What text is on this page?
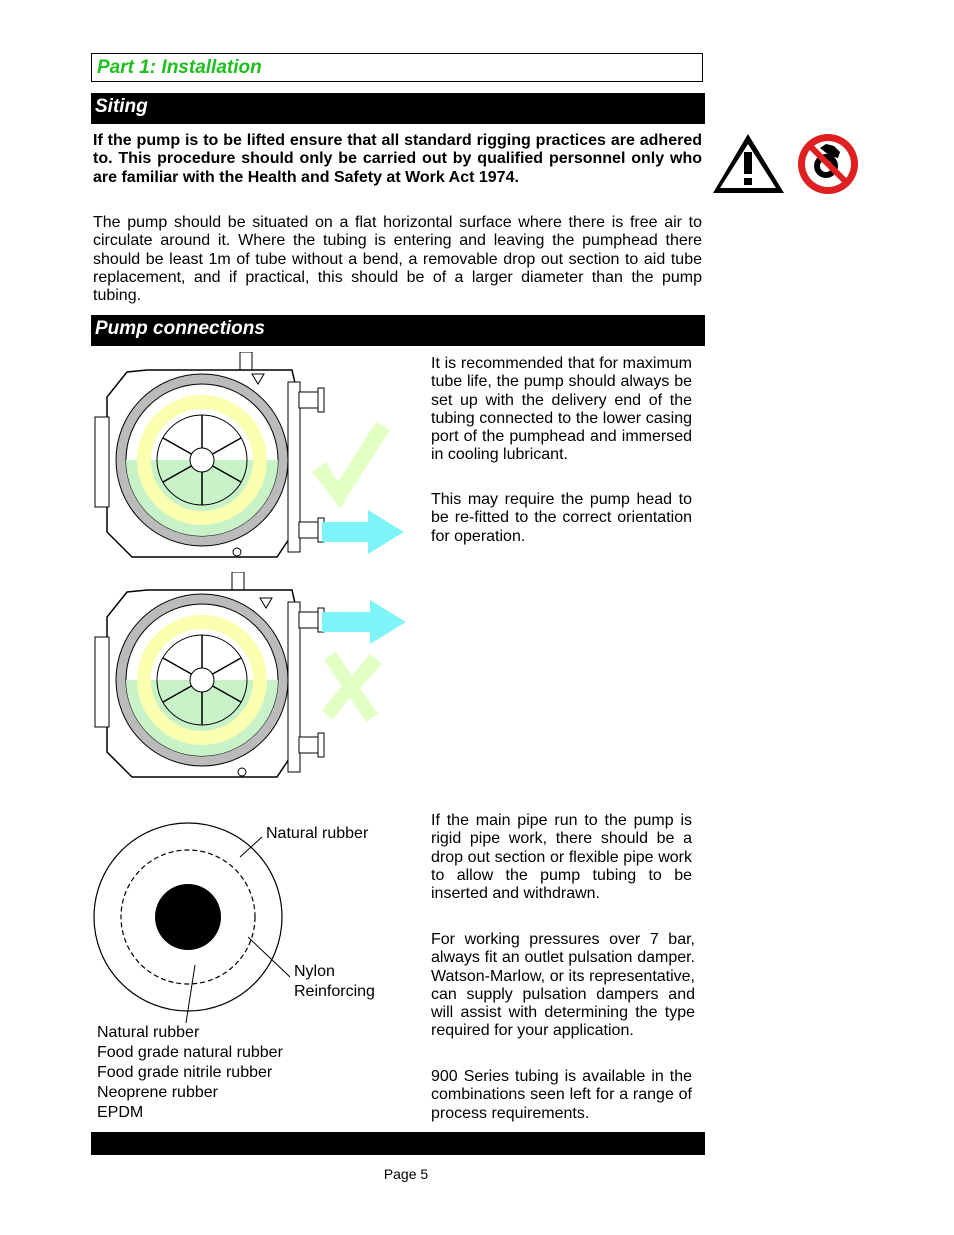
Part 1: Installation
Siting
If the pump is to be lifted ensure that all standard rigging practices are adhered to. This procedure should only be carried out by qualified personnel only who are familiar with the Health and Safety at Work Act 1974.
The pump should be situated on a flat horizontal surface where there is free air to circulate around it. Where the tubing is entering and leaving the pumphead there should be least 1m of tube without a bend, a removable drop out section to aid tube replacement, and if practical, this should be of a larger diameter than the pump tubing.
Pump connections
It is recommended that for maximum tube life, the pump should always be set up with the delivery end of the tubing connected to the lower casing port of the pumphead and immersed in cooling lubricant.
This may require the pump head to be re-fitted to the correct orientation for operation.
Natural rubber
Nylon
Reinforcing
Natural rubber
Food grade natural rubber
Food grade nitrile rubber
Neoprene rubber
EPDM
If the main pipe run to the pump is rigid pipe work, there should be a drop out section or flexible pipe work to allow the pump tubing to be inserted and withdrawn.
For working pressures over 7 bar, always fit an outlet pulsation damper. Watson-Marlow, or its representative, can supply pulsation dampers and will assist with determining the type required for your application.
900 Series tubing is available in the combinations seen left for a range of process requirements.
Page 5
